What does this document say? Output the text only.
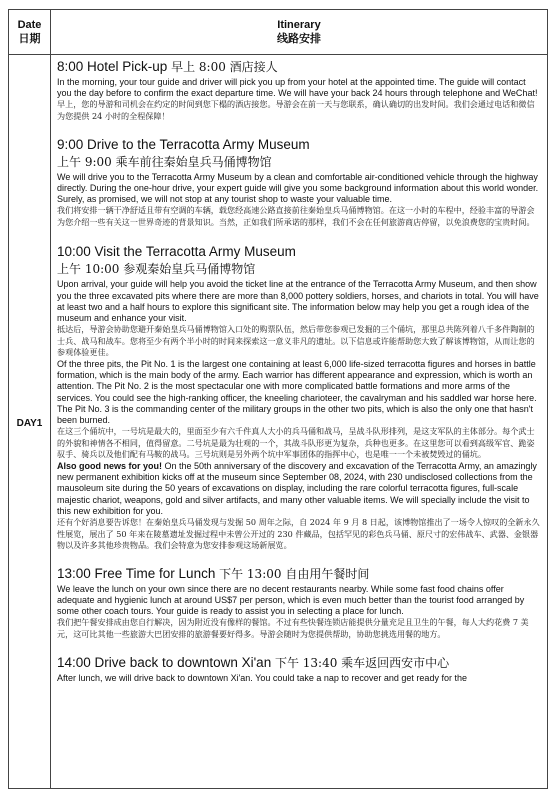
Date
日期
Itinerary
线路安排
DAY1
8:00 Hotel Pick-up 早上 8:00 酒店接人

In the morning, your tour guide and driver will pick you up from your hotel at the appointed time. The guide will contact you the day before to confirm the exact departure time. We will have your back 24 hours through telephone and WeChat!

早上，您的导游和司机会在约定的时间到您下榻的酒店接您。导游会在前一天与您联系，确认确切的出发时间。我们会通过电话和微信为您提供 24 小时的全程保障！

9:00 Drive to the Terracotta Army Museum
上午 9:00 乘车前往秦始皇兵马俑博物馆

We will drive you to the Terracotta Army Museum by a clean and comfortable air-conditioned vehicle through the highway directly. During the one-hour drive, your expert guide will give you some background information about this world wonder. Surely, as promised, we will not stop at any tourist shop to waste your valuable time.

我们将安排一辆干净舒适且带有空调的车辆，载您经高速公路直接前往秦始皇兵马俑博物馆。在这一小时的车程中，经验丰富的导游会为您介绍一些有关这一世界奇迹的背景知识。当然，正如我们所承诺的那样，我们不会在任何旅游商店停留，以免浪费您的宝贵时间。

10:00 Visit the Terracotta Army Museum
上午 10:00 参观秦始皇兵马俑博物馆

Upon arrival, your guide will help you avoid the ticket line at the entrance of the Terracotta Army Museum, and then show you the three excavated pits where there are more than 8,000 pottery soldiers, horses, and chariots in total. You will have at least two and a half hours to explore this significant site. The information below may help you get a rough idea of the museum and enhance your visit.

抵达后，导游会协助您避开秦始皇兵马俑博物馆入口处的购票队伍，然后带您参观已发掘的三个俑坑，那里总共陈列着八千多件陶制的士兵、战马和战车。您将至少有两个半小时的时间来探索这一意义非凡的遗址。以下信息或许能帮助您大致了解该博物馆，从而让您的参观体验更佳。

Of the three pits, the Pit No. 1 is the largest one containing at least 6,000 life-sized terracotta figures and horses in battle formation, which is the main body of the army. Each warrior has different appearance and expression, which is worth an attention. The Pit No. 2 is the most spectacular one with more complicated battle formations and more arms of the services. You could see the high-ranking officer, the kneeling charioteer, the cavalryman and his saddled war horse here. The Pit No. 3 is the commanding center of the military groups in the other two pits, which is also the only one that hasn't been burned.

在这三个俑坑中，一号坑是最大的，里面至少有六千件真人大小的兵马俑和战马，呈战斗队形排列，是这支军队的主体部分。每个武士的外貌和神情各不相同，值得留意。二号坑是最为壮观的一个，其战斗队形更为复杂，兵种也更多。在这里您可以看到高级军官、跪姿驭手、骑兵以及他们配有马鞍的战马。三号坑则是另外两个坑中军事团体的指挥中心，也是唯一一个未被焚毁过的俑坑。

Also good news for you! On the 50th anniversary of the discovery and excavation of the Terracotta Army, an amazingly new permanent exhibition kicks off at the museum since September 08, 2024, with 230 undisclosed collections from the mausoleum site during the 50 years of excavations on display, including the rare colorful terracotta figures, full-scale majestic chariot, weapons, gold and silver artifacts, and many other valuable items. We will specially include the visit to this new exhibition for you.

还有个好消息要告诉您！在秦始皇兵马俑发现与发掘 50 周年之际，自 2024 年 9 月 8 日起，该博物馆推出了一场令人惊叹的全新永久性展览，展出了 50 年来在陵墓遗址发掘过程中未曾公开过的 230 件藏品，包括罕见的彩色兵马俑、原尺寸的宏伟战车、武器、金银器物以及许多其他珍贵物品。我们会特意为您安排参观这场新展览。

13:00 Free Time for Lunch 下午 13:00 自由用午餐时间

We leave the lunch on your own since there are no decent restaurants nearby. While some fast food chains offer adequate and hygienic lunch at around US$7 per person, which is even much better than the tourist food arranged by some other coach tours. Your guide is ready to assist you in selecting a place for lunch.

我们把午餐安排成由您自行解决，因为附近没有像样的餐馆。不过有些快餐连锁店能提供分量充足且卫生的午餐，每人大约花费 7 美元，这可比其他一些旅游大巴团安排的旅游餐要好得多。导游会随时为您提供帮助，协助您挑选用餐的地方。

14:00 Drive back to downtown Xi'an 下午 13:40 乘车返回西安市中心

After lunch, we will drive back to downtown Xi'an. You could take a nap to recover and get ready for the
